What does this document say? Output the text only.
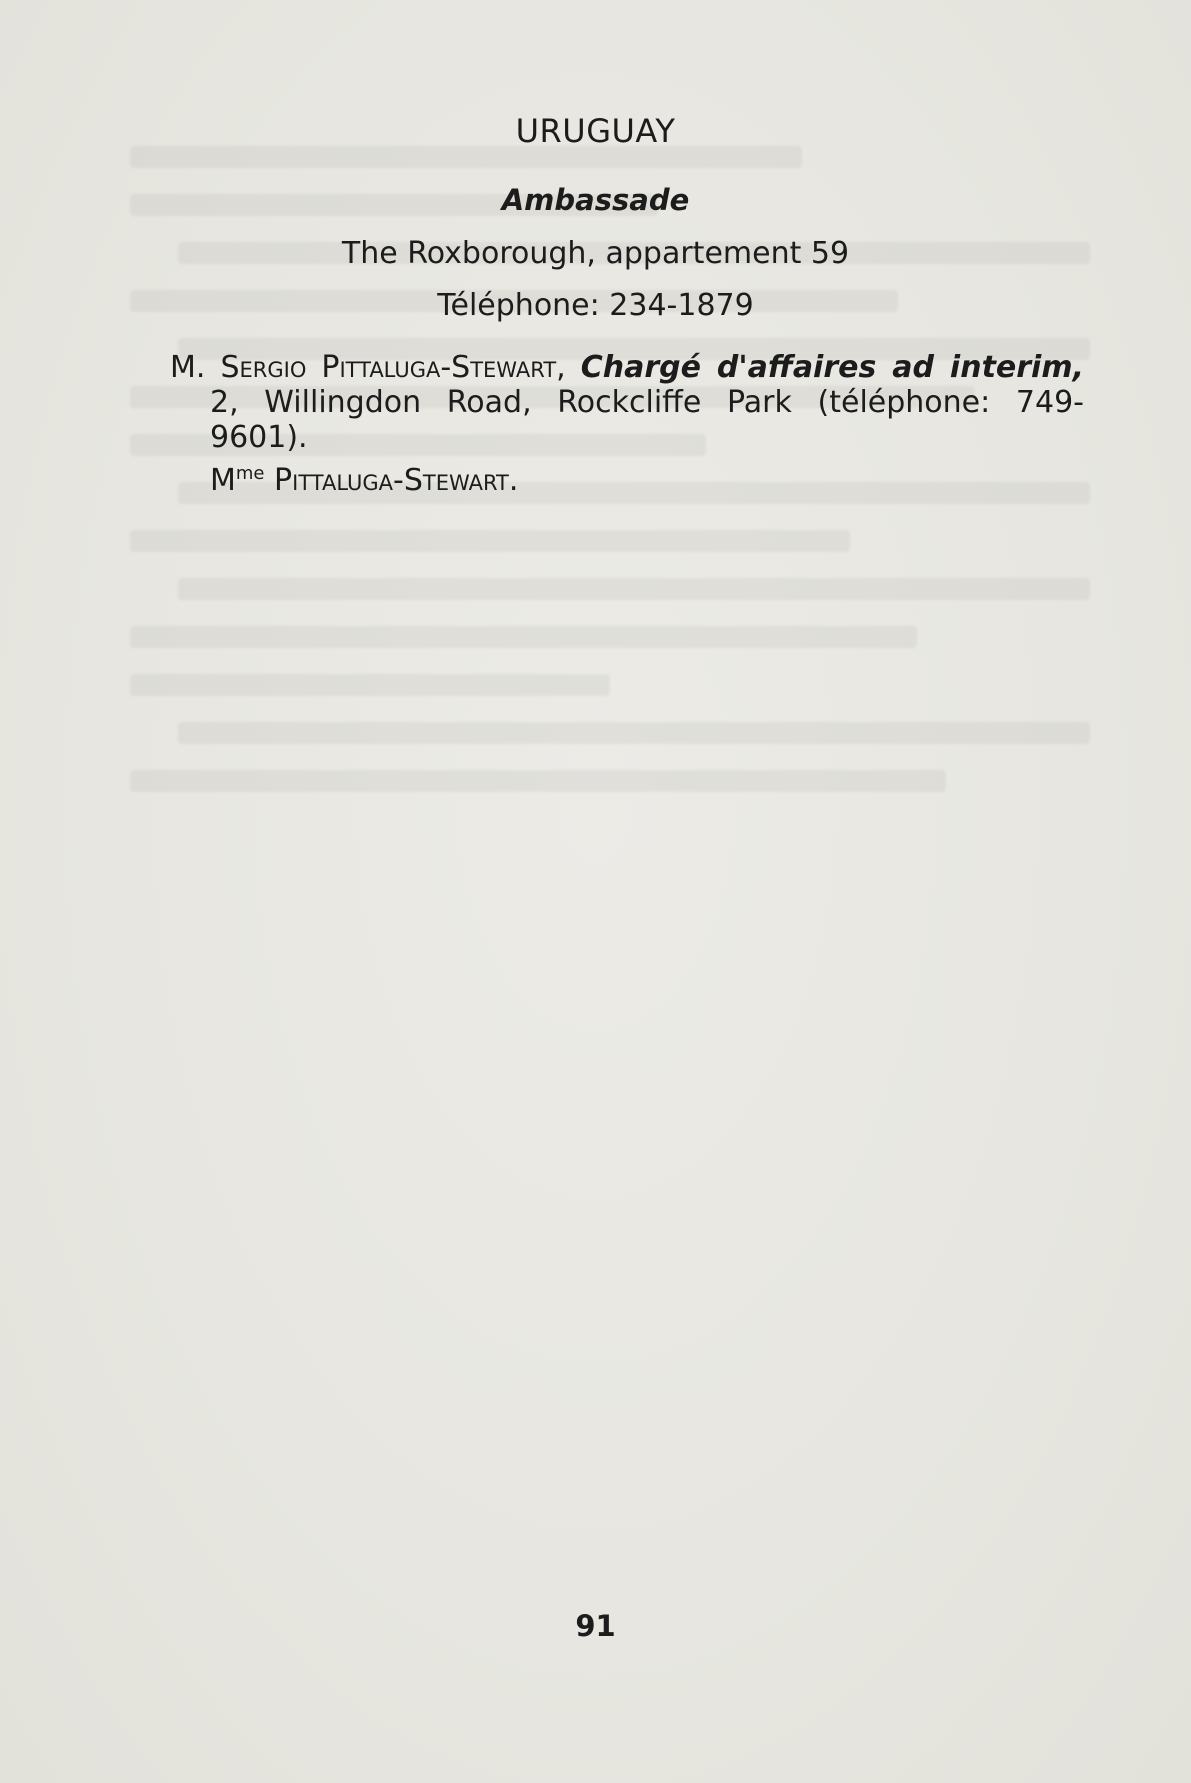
URUGUAY
Ambassade
The Roxborough, appartement 59
Téléphone: 234-1879

M. Sergio Pittaluga-Stewart, Chargé d'affaires ad interim, 2, Willingdon Road, Rockcliffe Park (téléphone: 749-9601).

$M^{me}$ Pittaluga-Stewart.

91
